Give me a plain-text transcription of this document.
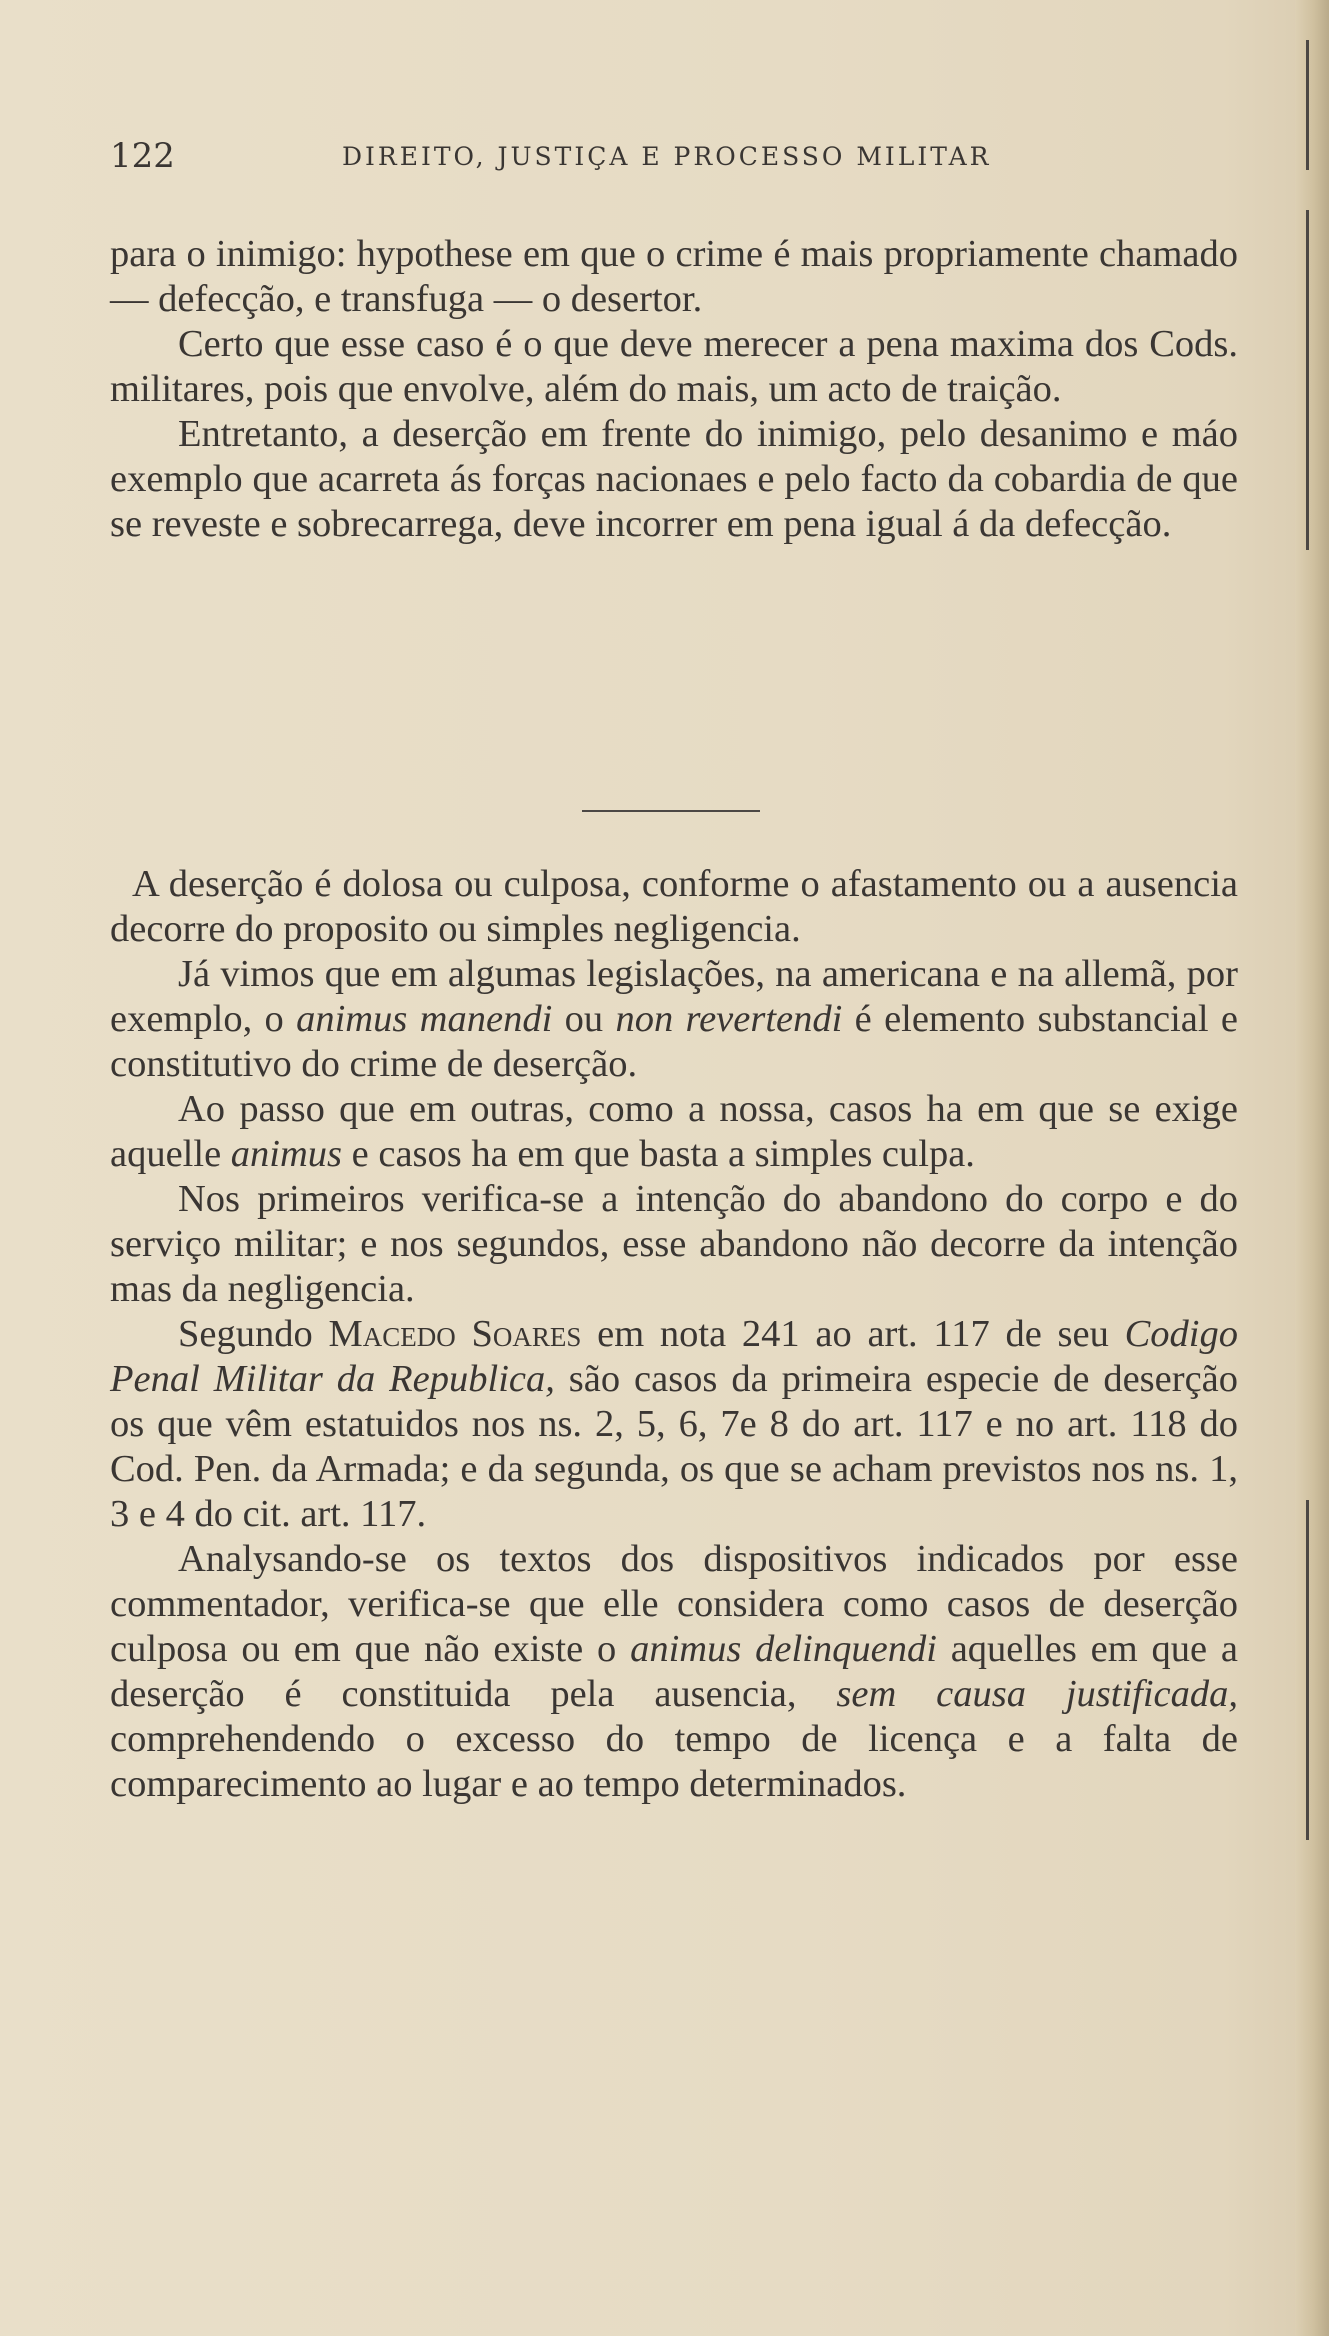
122	DIREITO, JUSTIÇA E PROCESSO MILITAR

para o inimigo: hypothese em que o crime é mais propriamente chamado — defecção, e transfuga — o desertor.

Certo que esse caso é o que deve merecer a pena maxima dos Cods. militares, pois que envolve, além do mais, um acto de traição.

Entretanto, a deserção em frente do inimigo, pelo desanimo e máo exemplo que acarreta ás forças nacionaes e pelo facto da cobardia de que se reveste e sobrecarrega, deve incorrer em pena igual á da defecção.

A deserção é dolosa ou culposa, conforme o afastamento ou a ausencia decorre do proposito ou simples negligencia.

Já vimos que em algumas legislações, na americana e na allemã, por exemplo, o animus manendi ou non revertendi é elemento substancial e constitutivo do crime de deserção.

Ao passo que em outras, como a nossa, casos ha em que se exige aquelle animus e casos ha em que basta a simples culpa.

Nos primeiros verifica-se a intenção do abandono do corpo e do serviço militar; e nos segundos, esse abandono não decorre da intenção mas da negligencia.

Segundo Macedo Soares em nota 241 ao art. 117 de seu Codigo Penal Militar da Republica, são casos da primeira especie de deserção os que vêm estatuidos nos ns. 2, 5, 6, 7e 8 do art. 117 e no art. 118 do Cod. Pen. da Armada; e da segunda, os que se acham previstos nos ns. 1, 3 e 4 do cit. art. 117.

Analysando-se os textos dos dispositivos indicados por esse commentador, verifica-se que elle considera como casos de deserção culposa ou em que não existe o animus delinquendi aquelles em que a deserção é constituida pela ausencia, sem causa justificada, comprehendendo o excesso do tempo de licença e a falta de comparecimento ao lugar e ao tempo determinados.
